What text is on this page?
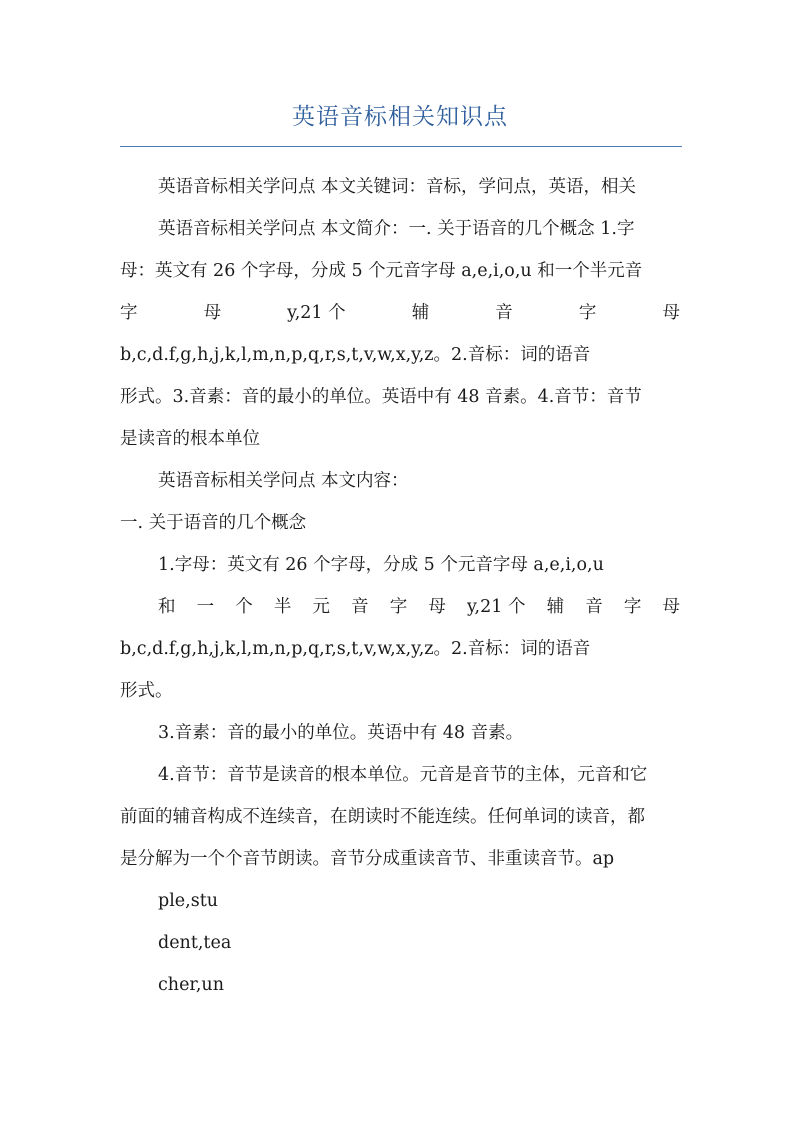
英语音标相关知识点
英语音标相关学问点 本文关键词：音标，学问点，英语，相关
英语音标相关学问点 本文简介：一. 关于语音的几个概念 1.字
母：英文有 26 个字母，分成 5 个元音字母 a,e,i,o,u 和一个半元音
字	母	y,21 个	辅	音	字	母
b,c,d.f,g,h,j,k,l,m,n,p,q,r,s,t,v,w,x,y,z。2.音标：词的语音
形式。3.音素：音的最小的单位。英语中有 48 音素。4.音节：音节
是读音的根本单位
英语音标相关学问点 本文内容：
一. 关于语音的几个概念
1.字母：英文有 26 个字母，分成 5 个元音字母 a,e,i,o,u
和 一 个 半 元 音 字 母 y,21 个 辅 音 字 母
b,c,d.f,g,h,j,k,l,m,n,p,q,r,s,t,v,w,x,y,z。2.音标：词的语音
形式。
3.音素：音的最小的单位。英语中有 48 音素。
4.音节：音节是读音的根本单位。元音是音节的主体，元音和它
前面的辅音构成不连续音，在朗读时不能连续。任何单词的读音，都
是分解为一个个音节朗读。音节分成重读音节、非重读音节。ap
ple,stu
dent,tea
cher,un
